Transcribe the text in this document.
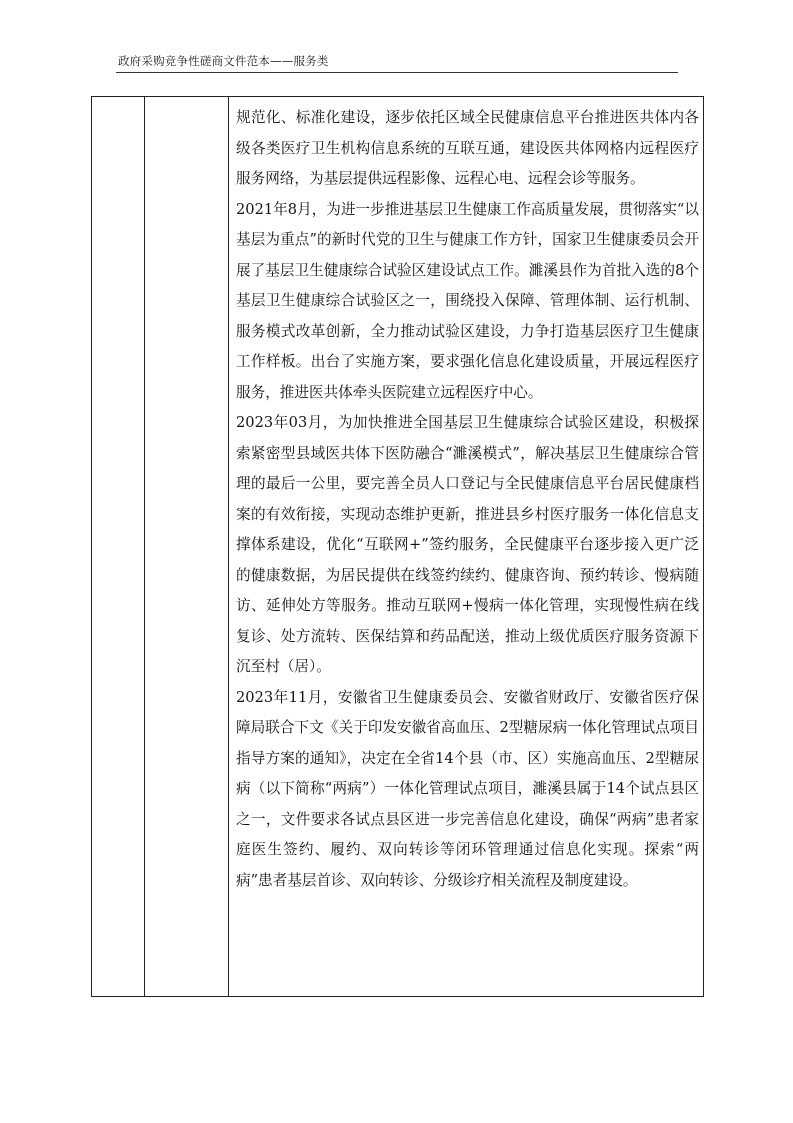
政府采购竞争性磋商文件范本——服务类

规范化、标准化建设，逐步依托区域全民健康信息平台推进医共体内各级各类医疗卫生机构信息系统的互联互通，建设医共体网格内远程医疗服务网络，为基层提供远程影像、远程心电、远程会诊等服务。

2021年8月，为进一步推进基层卫生健康工作高质量发展，贯彻落实“以基层为重点”的新时代党的卫生与健康工作方针，国家卫生健康委员会开展了基层卫生健康综合试验区建设试点工作。濉溪县作为首批入选的8个基层卫生健康综合试验区之一，围绕投入保障、管理体制、运行机制、服务模式改革创新，全力推动试验区建设，力争打造基层医疗卫生健康工作样板。出台了实施方案，要求强化信息化建设质量，开展远程医疗服务，推进医共体牵头医院建立远程医疗中心。

2023年03月，为加快推进全国基层卫生健康综合试验区建设，积极探索紧密型县域医共体下医防融合“濉溪模式”，解决基层卫生健康综合管理的最后一公里，要完善全员人口登记与全民健康信息平台居民健康档案的有效衔接，实现动态维护更新，推进县乡村医疗服务一体化信息支撑体系建设，优化“互联网+”签约服务，全民健康平台逐步接入更广泛的健康数据，为居民提供在线签约续约、健康咨询、预约转诊、慢病随访、延伸处方等服务。推动互联网+慢病一体化管理，实现慢性病在线复诊、处方流转、医保结算和药品配送，推动上级优质医疗服务资源下沉至村（居）。

2023年11月，安徽省卫生健康委员会、安徽省财政厅、安徽省医疗保障局联合下文《关于印发安徽省高血压、2型糖尿病一体化管理试点项目指导方案的通知》，决定在全省14个县（市、区）实施高血压、2型糖尿病（以下简称“两病”）一体化管理试点项目，濉溪县属于14个试点县区之一，文件要求各试点县区进一步完善信息化建设，确保“两病”患者家庭医生签约、履约、双向转诊等闭环管理通过信息化实现。探索“两病”患者基层首诊、双向转诊、分级诊疗相关流程及制度建设。
